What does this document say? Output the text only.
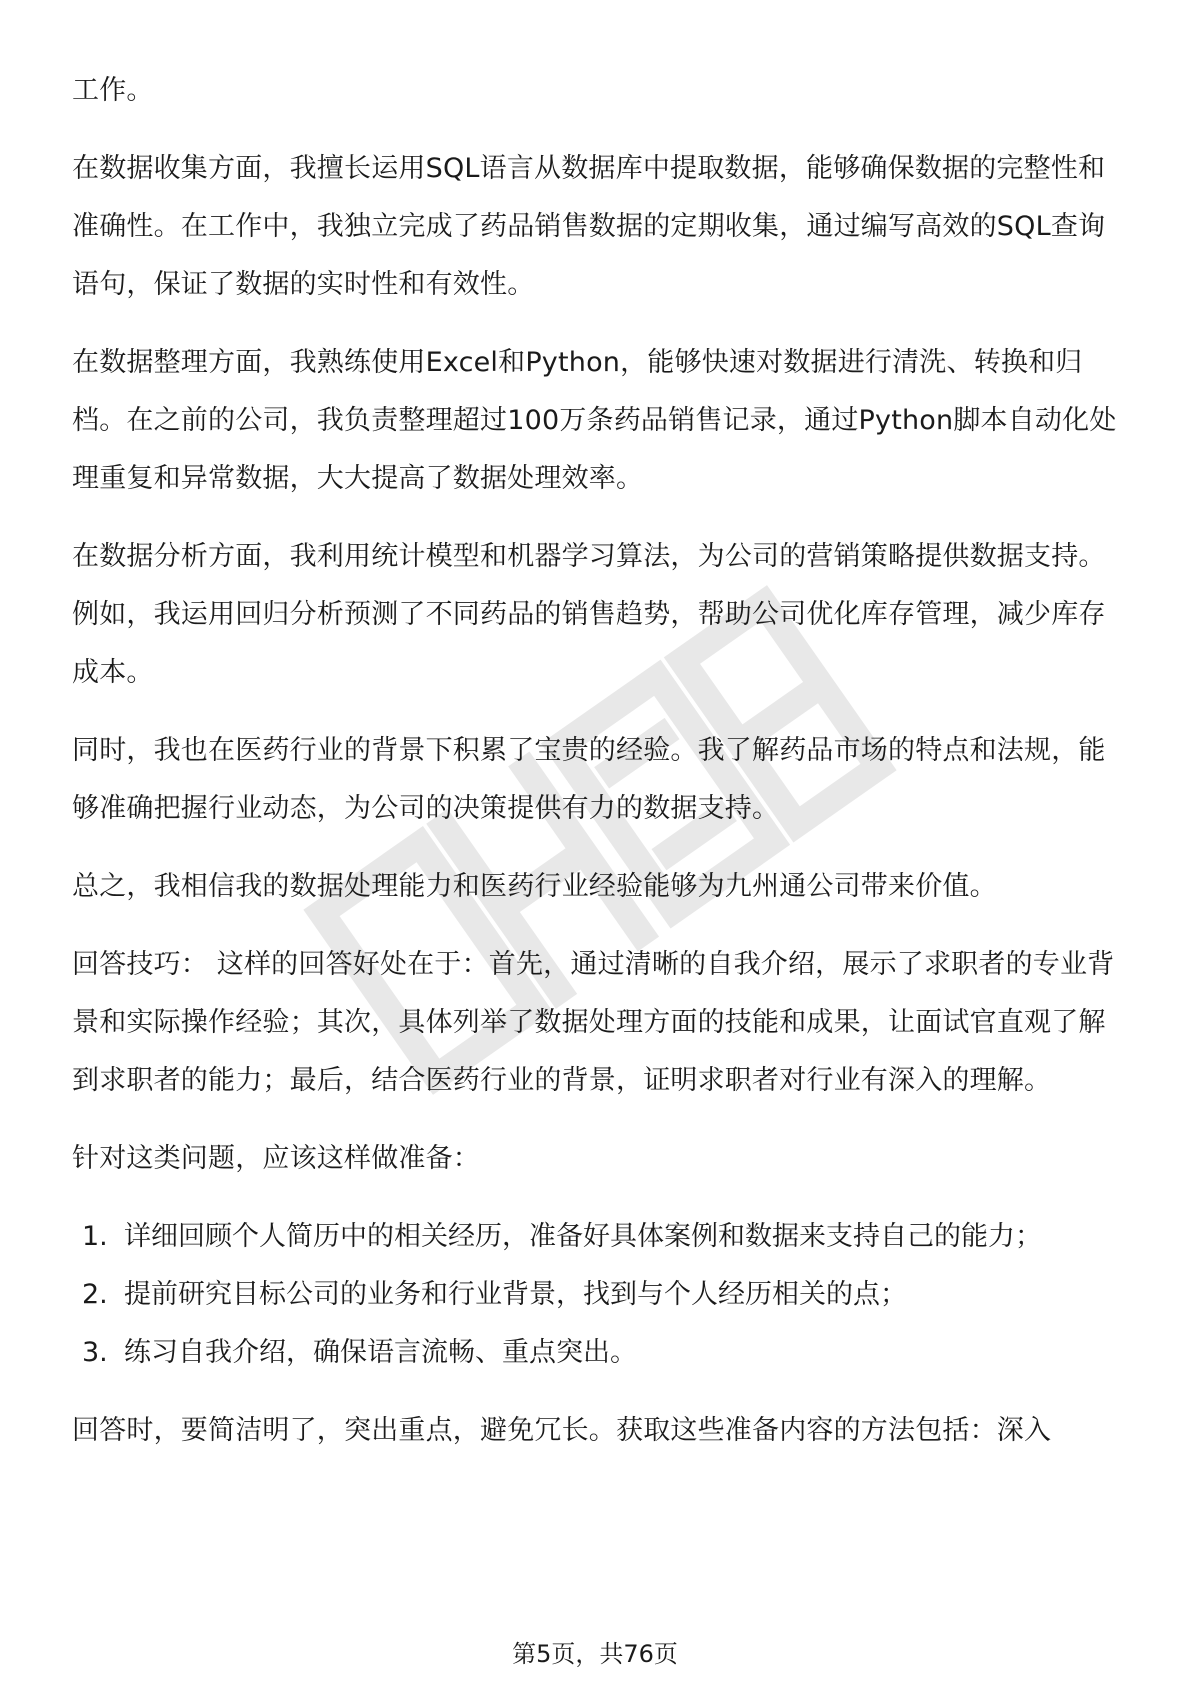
工作。

在数据收集方面，我擅长运用SQL语言从数据库中提取数据，能够确保数据的完整性和准确性。在工作中，我独立完成了药品销售数据的定期收集，通过编写高效的SQL查询语句，保证了数据的实时性和有效性。

在数据整理方面，我熟练使用Excel和Python，能够快速对数据进行清洗、转换和归档。在之前的公司，我负责整理超过100万条药品销售记录，通过Python脚本自动化处理重复和异常数据，大大提高了数据处理效率。

在数据分析方面，我利用统计模型和机器学习算法，为公司的营销策略提供数据支持。例如，我运用回归分析预测了不同药品的销售趋势，帮助公司优化库存管理，减少库存成本。

同时，我也在医药行业的背景下积累了宝贵的经验。我了解药品市场的特点和法规，能够准确把握行业动态，为公司的决策提供有力的数据支持。

总之，我相信我的数据处理能力和医药行业经验能够为九州通公司带来价值。

回答技巧： 这样的回答好处在于：首先，通过清晰的自我介绍，展示了求职者的专业背景和实际操作经验；其次，具体列举了数据处理方面的技能和成果，让面试官直观了解到求职者的能力；最后，结合医药行业的背景，证明求职者对行业有深入的理解。

针对这类问题，应该这样做准备：

1. 详细回顾个人简历中的相关经历，准备好具体案例和数据来支持自己的能力；
2. 提前研究目标公司的业务和行业背景，找到与个人经历相关的点；
3. 练习自我介绍，确保语言流畅、重点突出。

回答时，要简洁明了，突出重点，避免冗长。获取这些准备内容的方法包括：深入

第5页，共76页
